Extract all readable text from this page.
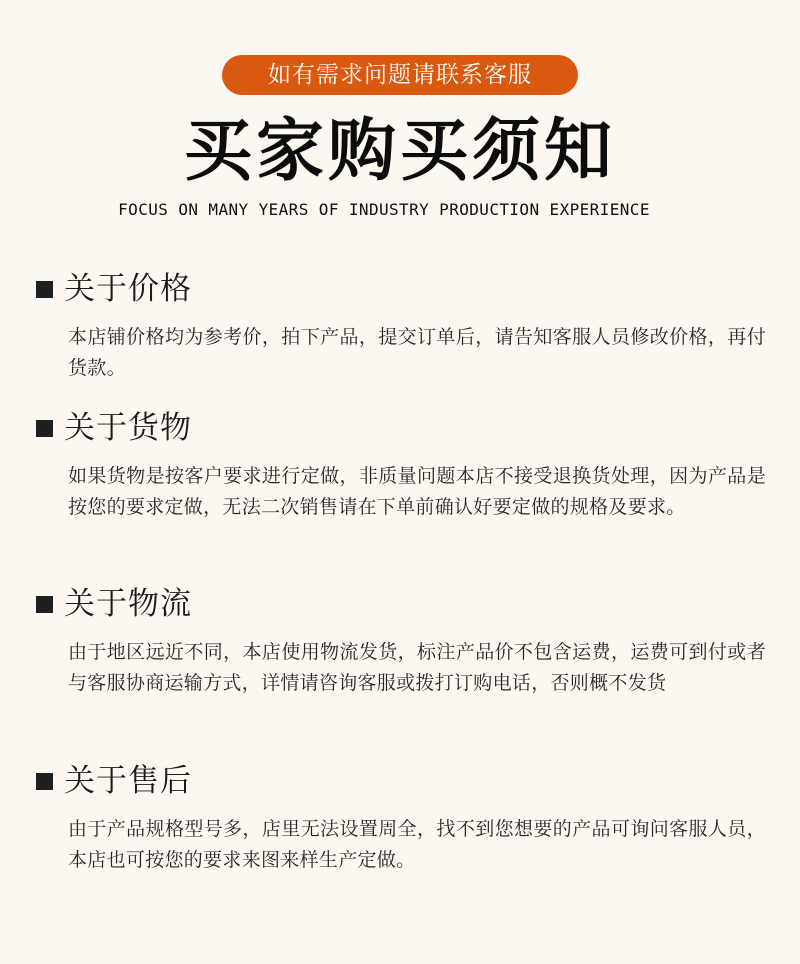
如有需求问题请联系客服
买家购买须知
FOCUS ON MANY YEARS OF INDUSTRY PRODUCTION EXPERIENCE
关于价格
本店铺价格均为参考价，拍下产品，提交订单后，请告知客服人员修改价格，再付货款。
关于货物
如果货物是按客户要求进行定做，非质量问题本店不接受退换货处理，因为产品是按您的要求定做，无法二次销售请在下单前确认好要定做的规格及要求。
关于物流
由于地区远近不同，本店使用物流发货，标注产品价不包含运费，运费可到付或者与客服协商运输方式，详情请咨询客服或拨打订购电话，否则概不发货
关于售后
由于产品规格型号多，店里无法设置周全，找不到您想要的产品可询问客服人员，本店也可按您的要求来图来样生产定做。
